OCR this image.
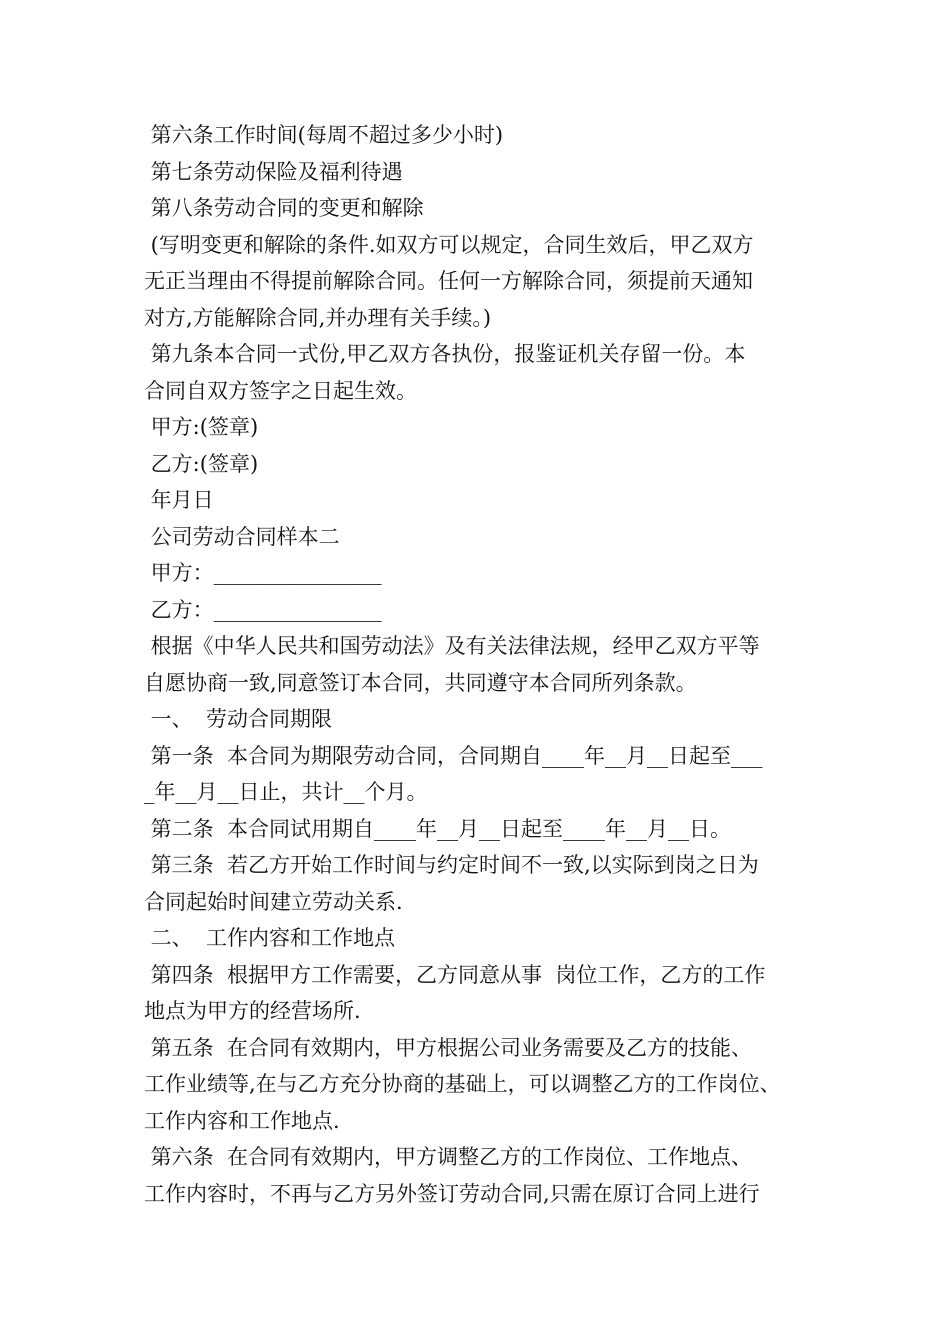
第六条工作时间(每周不超过多少小时)
第七条劳动保险及福利待遇
第八条劳动合同的变更和解除
(写明变更和解除的条件.如双方可以规定，合同生效后，甲乙双方
无正当理由不得提前解除合同。任何一方解除合同，须提前天通知
对方,方能解除合同,并办理有关手续。)
第九条本合同一式份,甲乙双方各执份，报鉴证机关存留一份。本
合同自双方签字之日起生效。
甲方:(签章)
乙方:(签章)
年月日
公司劳动合同样本二
甲方：________________
乙方：________________
根据《中华人民共和国劳动法》及有关法律法规，经甲乙双方平等
自愿协商一致,同意签订本合同，共同遵守本合同所列条款。
一、  劳动合同期限
第一条  本合同为期限劳动合同，合同期自____年__月__日起至___
_年__月__日止，共计__个月。
第二条  本合同试用期自____年__月__日起至____年__月__日。
第三条  若乙方开始工作时间与约定时间不一致,以实际到岗之日为
合同起始时间建立劳动关系.
二、  工作内容和工作地点
第四条  根据甲方工作需要，乙方同意从事  岗位工作，乙方的工作
地点为甲方的经营场所.
第五条  在合同有效期内，甲方根据公司业务需要及乙方的技能、
工作业绩等,在与乙方充分协商的基础上，可以调整乙方的工作岗位、
工作内容和工作地点.
第六条  在合同有效期内，甲方调整乙方的工作岗位、工作地点、
工作内容时，不再与乙方另外签订劳动合同,只需在原订合同上进行
